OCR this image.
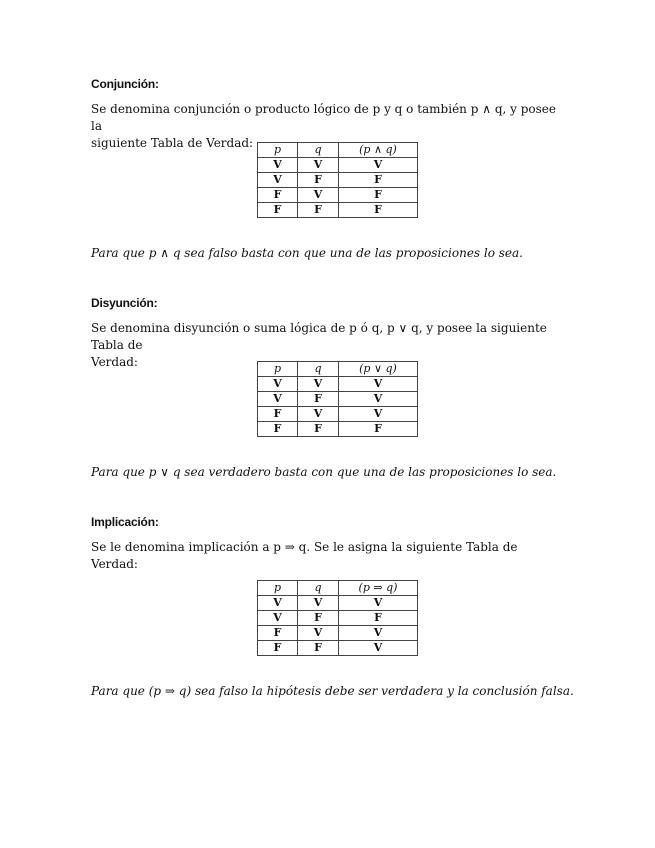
Conjunción:
Se denomina conjunción o producto lógico de p y q o también p ∧ q, y posee la
siguiente Tabla de Verdad:	p	q	(p ∧ q)
V	V	V
V	F	F
F	V	F
F	F	F
Para que p ∧ q sea falso basta con que una de las proposiciones lo sea.
Disyunción:
Se denomina disyunción o suma lógica de p ó q, p ∨ q, y posee la siguiente Tabla de
Verdad:	p	q	(p ∨ q)
V	V	V
V	F	V
F	V	V
F	F	F
Para que p ∨ q sea verdadero basta con que una de las proposiciones lo sea.
Implicación:
Se le denomina implicación a p ⇒ q. Se le asigna la siguiente Tabla de Verdad:
p	q	(p ⇒ q)
V	V	V
V	F	F
F	V	V
F	F	V
Para que (p ⇒ q) sea falso la hipótesis debe ser verdadera y la conclusión falsa.
